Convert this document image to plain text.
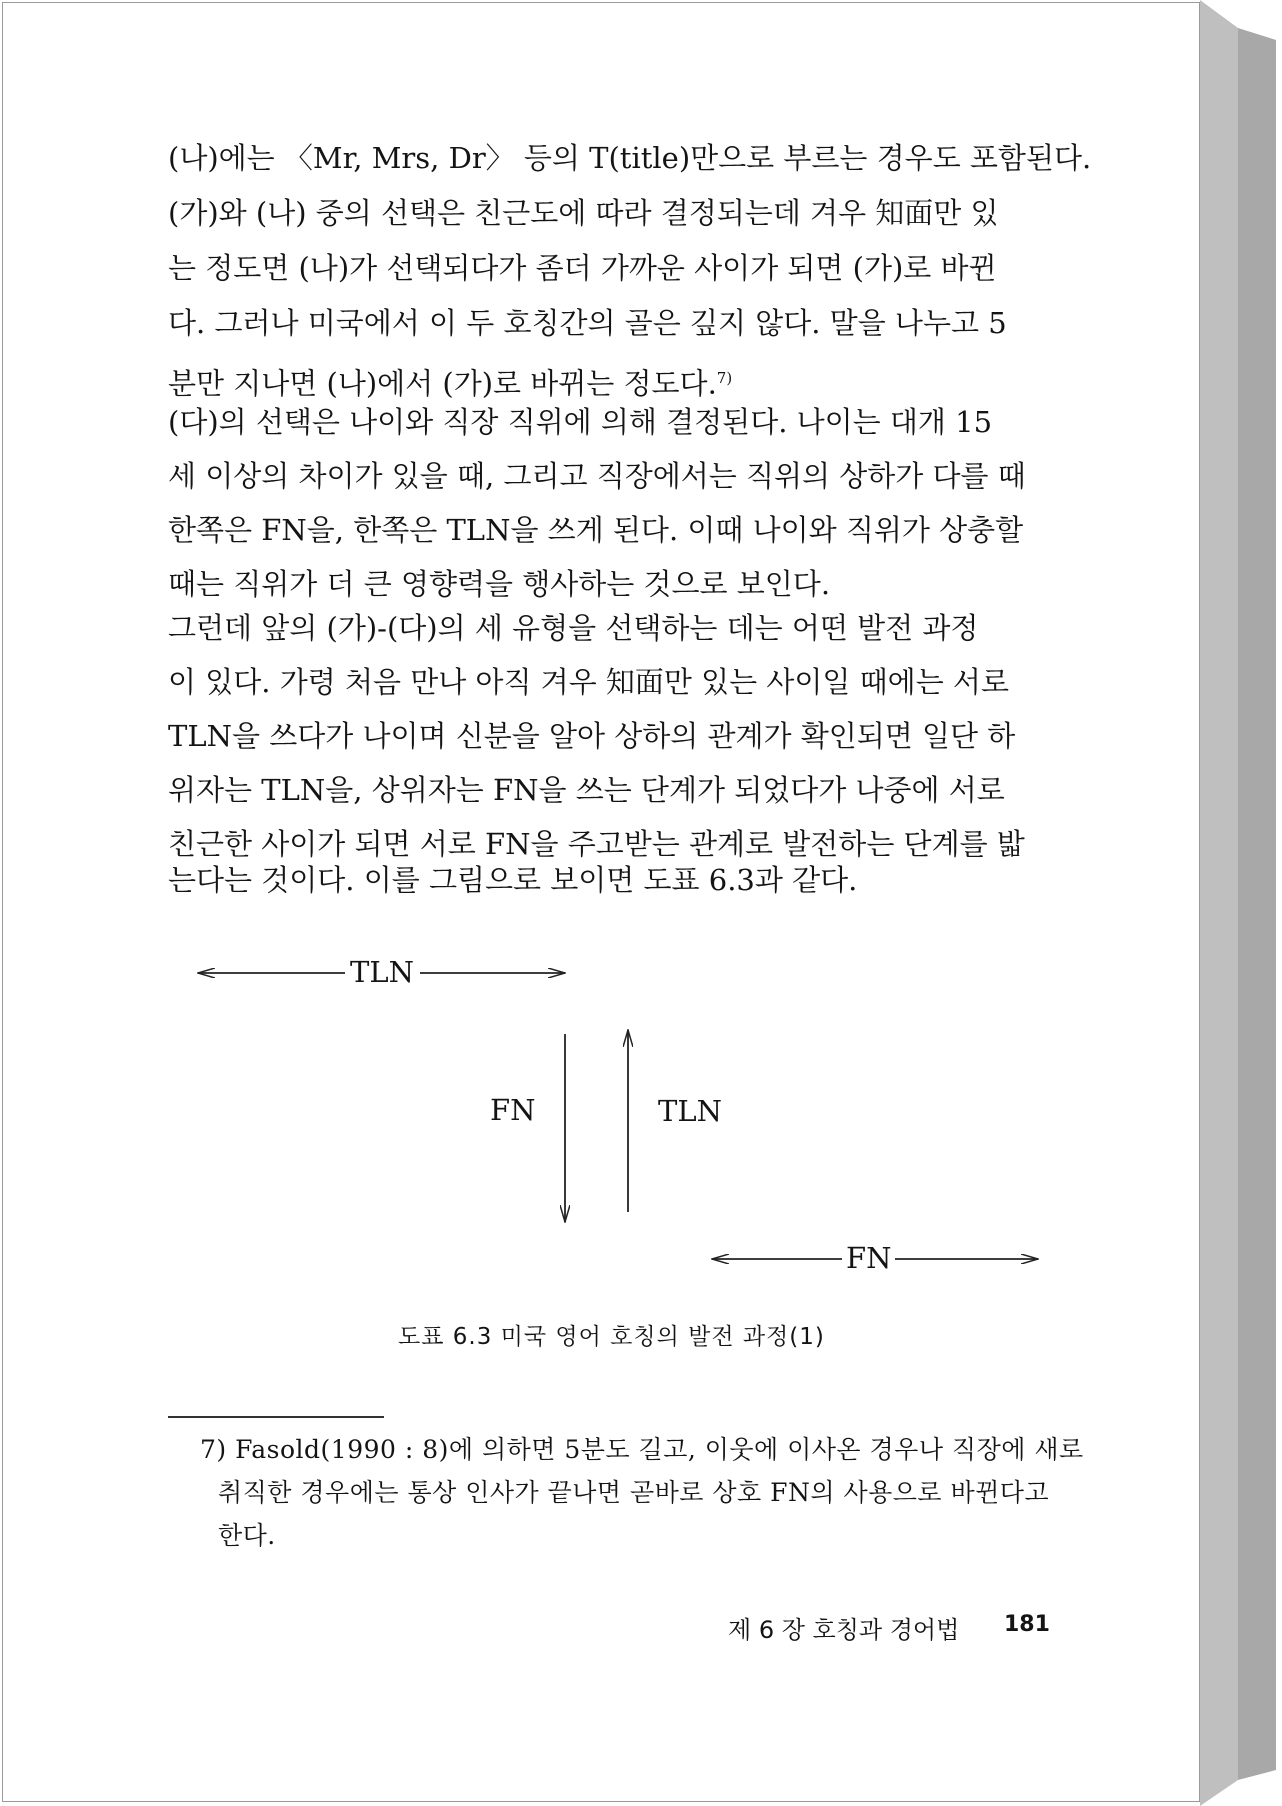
(나)에는 〈Mr, Mrs, Dr〉 등의 T(title)만으로 부르는 경우도 포함된다.
(가)와 (나) 중의 선택은 친근도에 따라 결정되는데 겨우 知面만 있
는 정도면 (나)가 선택되다가 좀더 가까운 사이가 되면 (가)로 바뀐
다. 그러나 미국에서 이 두 호칭간의 골은 깊지 않다. 말을 나누고 5
분만 지나면 (나)에서 (가)로 바뀌는 정도다.$^{7)}$
(다)의 선택은 나이와 직장 직위에 의해 결정된다. 나이는 대개 15
세 이상의 차이가 있을 때, 그리고 직장에서는 직위의 상하가 다를 때
한쪽은 FN을, 한쪽은 TLN을 쓰게 된다. 이때 나이와 직위가 상충할
때는 직위가 더 큰 영향력을 행사하는 것으로 보인다.
그런데 앞의 (가)-(다)의 세 유형을 선택하는 데는 어떤 발전 과정
이 있다. 가령 처음 만나 아직 겨우 知面만 있는 사이일 때에는 서로
TLN을 쓰다가 나이며 신분을 알아 상하의 관계가 확인되면 일단 하
위자는 TLN을, 상위자는 FN을 쓰는 단계가 되었다가 나중에 서로
친근한 사이가 되면 서로 FN을 주고받는 관계로 발전하는 단계를 밟
는다는 것이다. 이를 그림으로 보이면 도표 6.3과 같다.
TLN
FN	TLN
FN
도표 6.3 미국 영어 호칭의 발전 과정(1)
7) Fasold(1990 : 8)에 의하면 5분도 길고, 이웃에 이사온 경우나 직장에 새로
취직한 경우에는 통상 인사가 끝나면 곧바로 상호 FN의 사용으로 바뀐다고
한다.
제 6 장 호칭과 경어법 181
